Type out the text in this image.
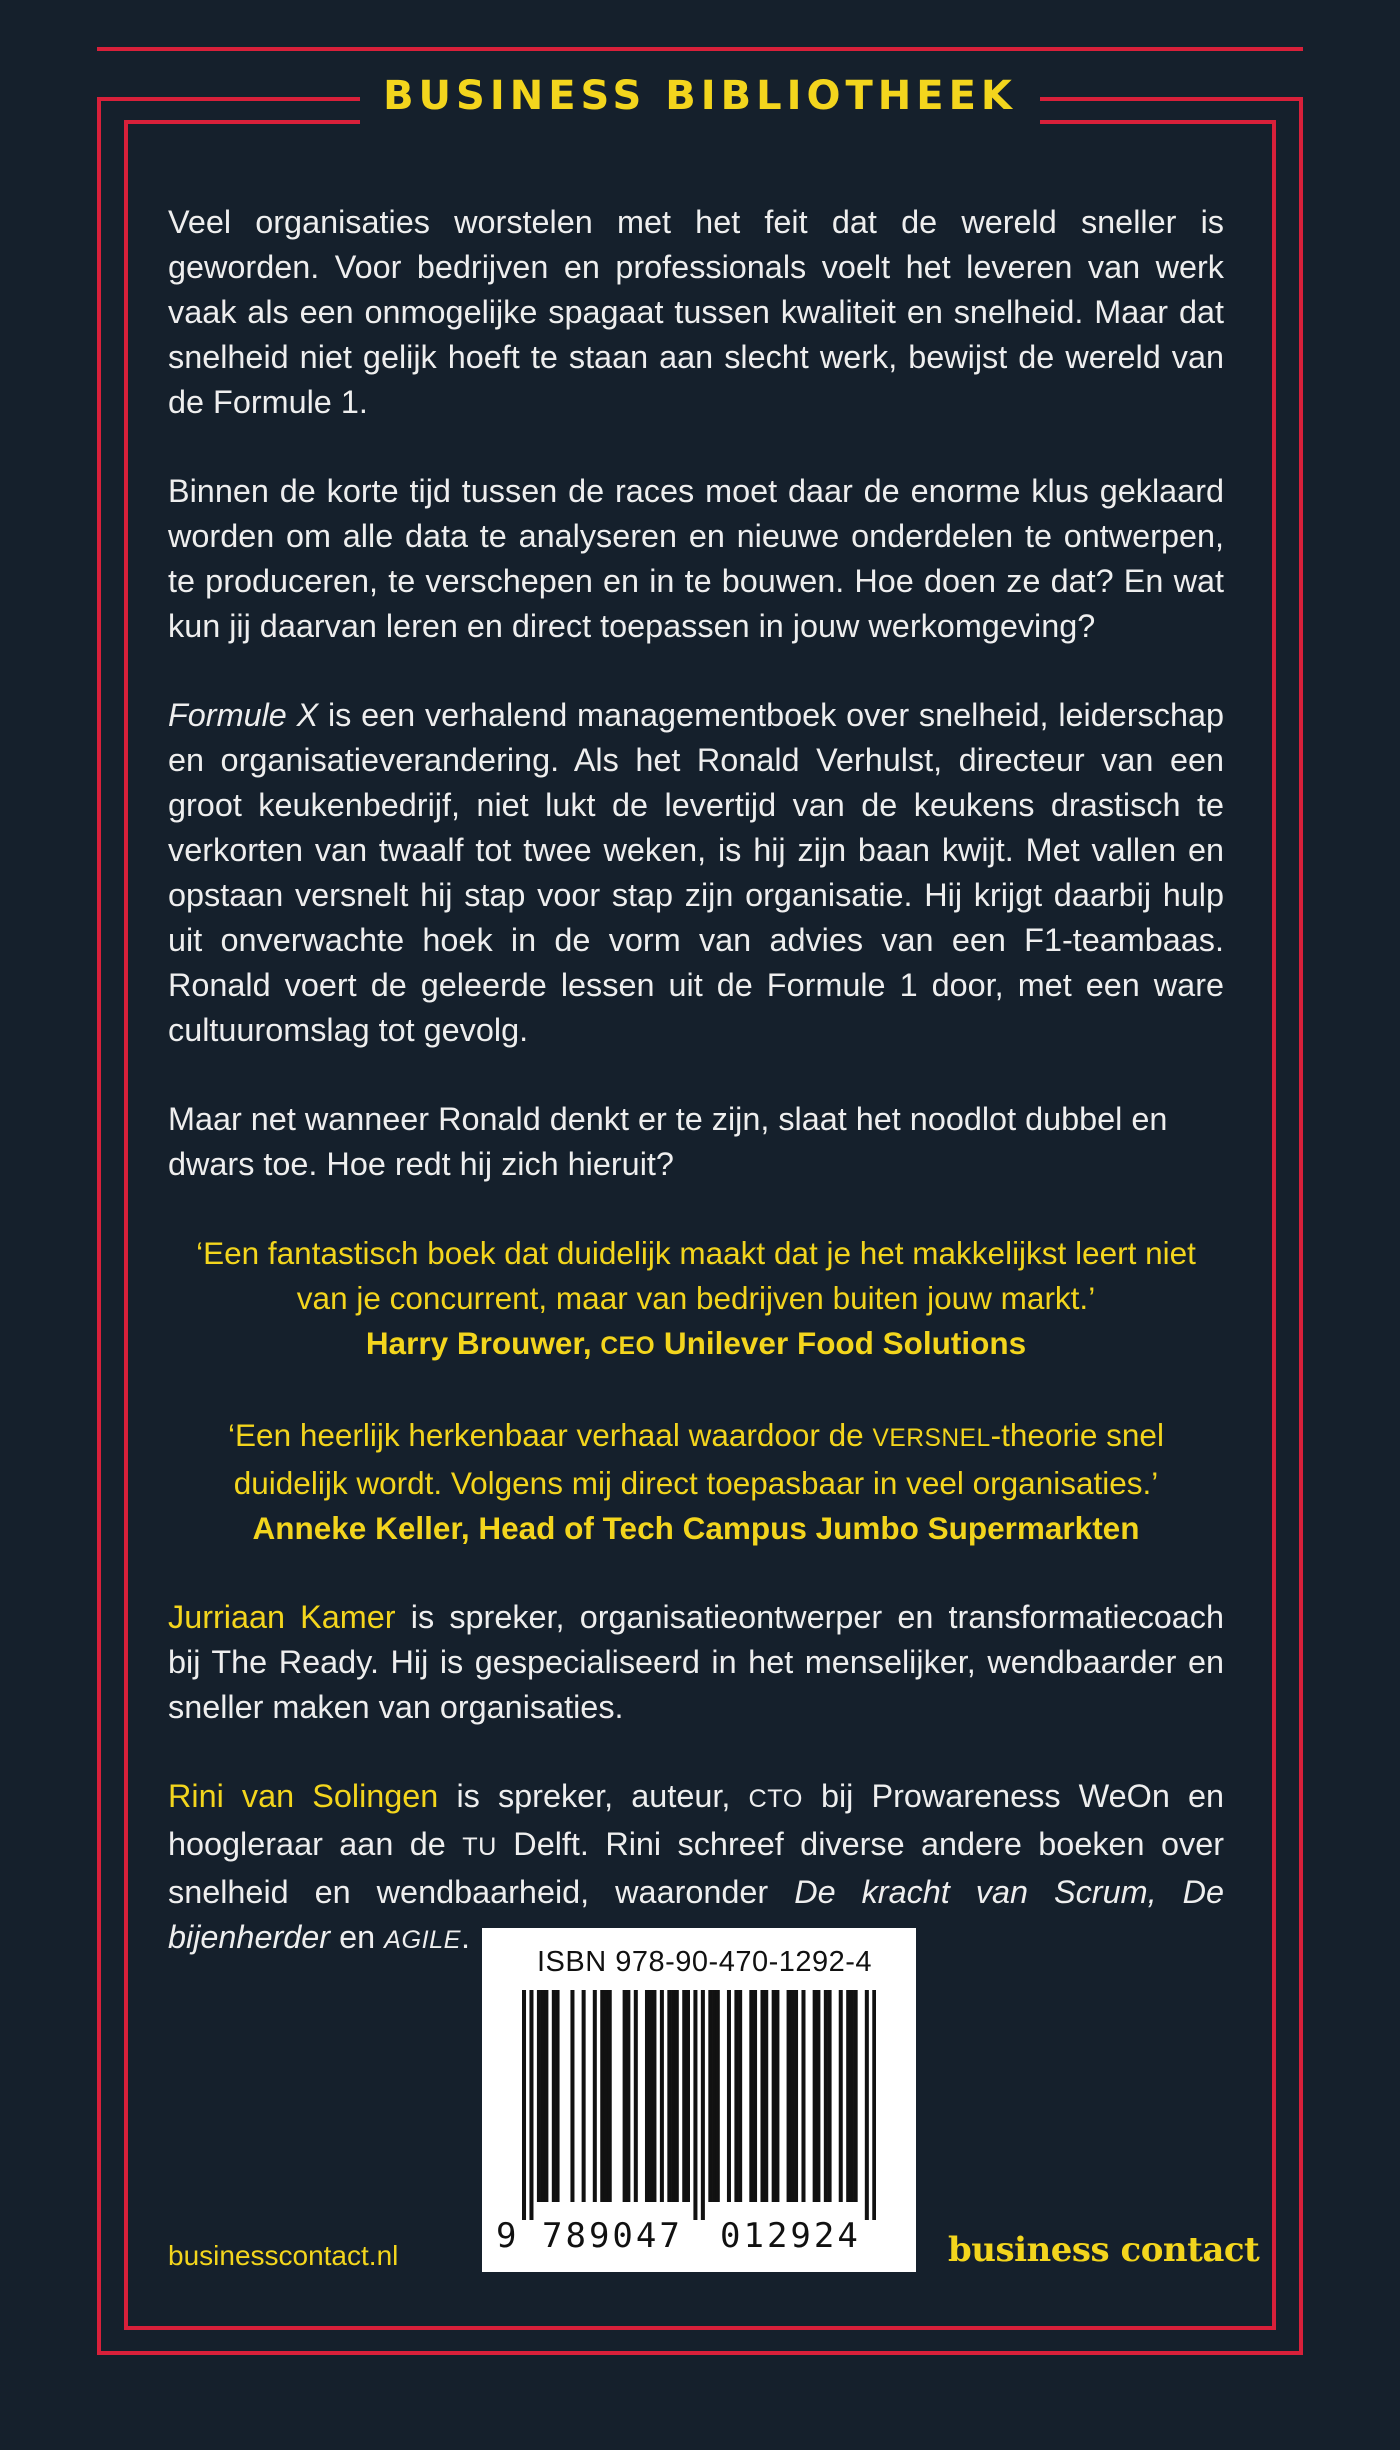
BUSINESS BIBLIOTHEEK

Veel organisaties worstelen met het feit dat de wereld sneller is geworden. Voor bedrijven en professionals voelt het leveren van werk vaak als een onmogelijke spagaat tussen kwaliteit en snelheid. Maar dat snelheid niet gelijk hoeft te staan aan slecht werk, bewijst de wereld van de Formule 1.

Binnen de korte tijd tussen de races moet daar de enorme klus geklaard worden om alle data te analyseren en nieuwe onderdelen te ontwerpen, te produceren, te verschepen en in te bouwen. Hoe doen ze dat? En wat kun jij daarvan leren en direct toepassen in jouw werkomgeving?

Formule X is een verhalend managementboek over snelheid, leiderschap en organisatieverandering. Als het Ronald Verhulst, directeur van een groot keukenbedrijf, niet lukt de levertijd van de keukens drastisch te verkorten van twaalf tot twee weken, is hij zijn baan kwijt. Met vallen en opstaan versnelt hij stap voor stap zijn organisatie. Hij krijgt daarbij hulp uit onverwachte hoek in de vorm van advies van een F1-teambaas. Ronald voert de geleerde lessen uit de Formule 1 door, met een ware cultuuromslag tot gevolg.

Maar net wanneer Ronald denkt er te zijn, slaat het noodlot dubbel en dwars toe. Hoe redt hij zich hieruit?

‘Een fantastisch boek dat duidelijk maakt dat je het makkelijkst leert niet van je concurrent, maar van bedrijven buiten jouw markt.’
Harry Brouwer, CEO Unilever Food Solutions
‘Een heerlijk herkenbaar verhaal waardoor de VERSNEL-theorie snel duidelijk wordt. Volgens mij direct toepasbaar in veel organisaties.’
Anneke Keller, Head of Tech Campus Jumbo Supermarkten

Jurriaan Kamer is spreker, organisatieontwerper en transformatiecoach bij The Ready. Hij is gespecialiseerd in het menselijker, wendbaarder en sneller maken van organisaties.

Rini van Solingen is spreker, auteur, CTO bij Prowareness WeOn en hoogleraar aan de TU Delft. Rini schreef diverse andere boeken over snelheid en wendbaarheid, waaronder De kracht van Scrum, De bijenherder en AGILE.

ISBN 978-90-470-1292-4
9 789047 012924
businesscontact.nl	business contact
